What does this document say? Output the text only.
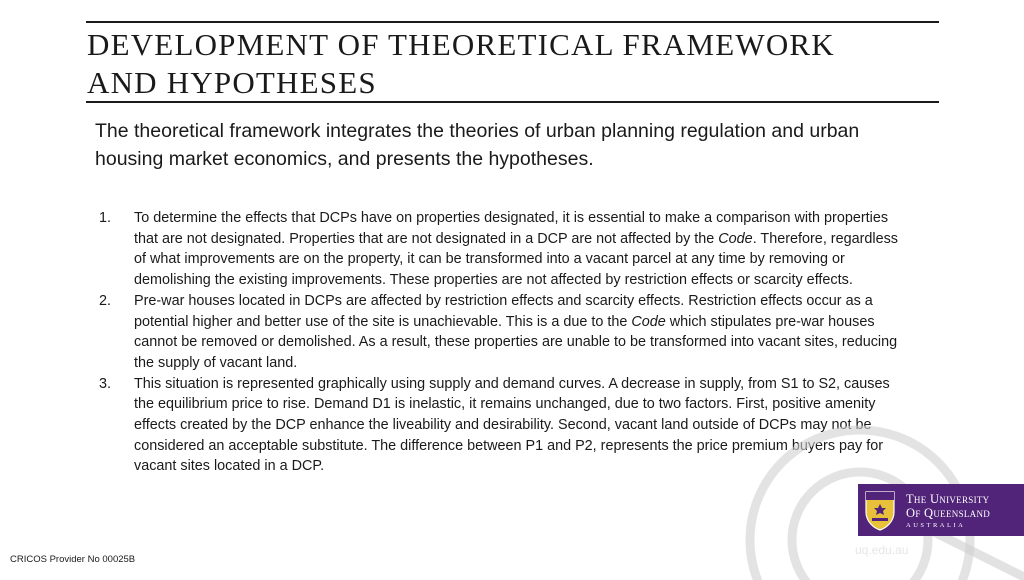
DEVELOPMENT OF THEORETICAL FRAMEWORK
AND HYPOTHESES

The theoretical framework integrates the theories of urban planning regulation and urban housing market economics, and presents the hypotheses.

1. To determine the effects that DCPs have on properties designated, it is essential to make a comparison with properties that are not designated. Properties that are not designated in a DCP are not affected by the Code. Therefore, regardless of what improvements are on the property, it can be transformed into a vacant parcel at any time by removing or demolishing the existing improvements. These properties are not affected by restriction effects or scarcity effects.
2. Pre-war houses located in DCPs are affected by restriction effects and scarcity effects. Restriction effects occur as a potential higher and better use of the site is unachievable. This is a due to the Code which stipulates pre-war houses cannot be removed or demolished. As a result, these properties are unable to be transformed into vacant sites, reducing the supply of vacant land.
3. This situation is represented graphically using supply and demand curves. A decrease in supply, from S1 to S2, causes the equilibrium price to rise. Demand D1 is inelastic, it remains unchanged, due to two factors. First, positive amenity effects created by the DCP enhance the liveability and desirability. Second, vacant land outside of DCPs may not be considered an acceptable substitute. The difference between P1 and P2, represents the price premium buyers pay for vacant sites located in a DCP.
The University
Of Queensland
AUSTRALIA
uq.edu.au
CRICOS Provider No 00025B
